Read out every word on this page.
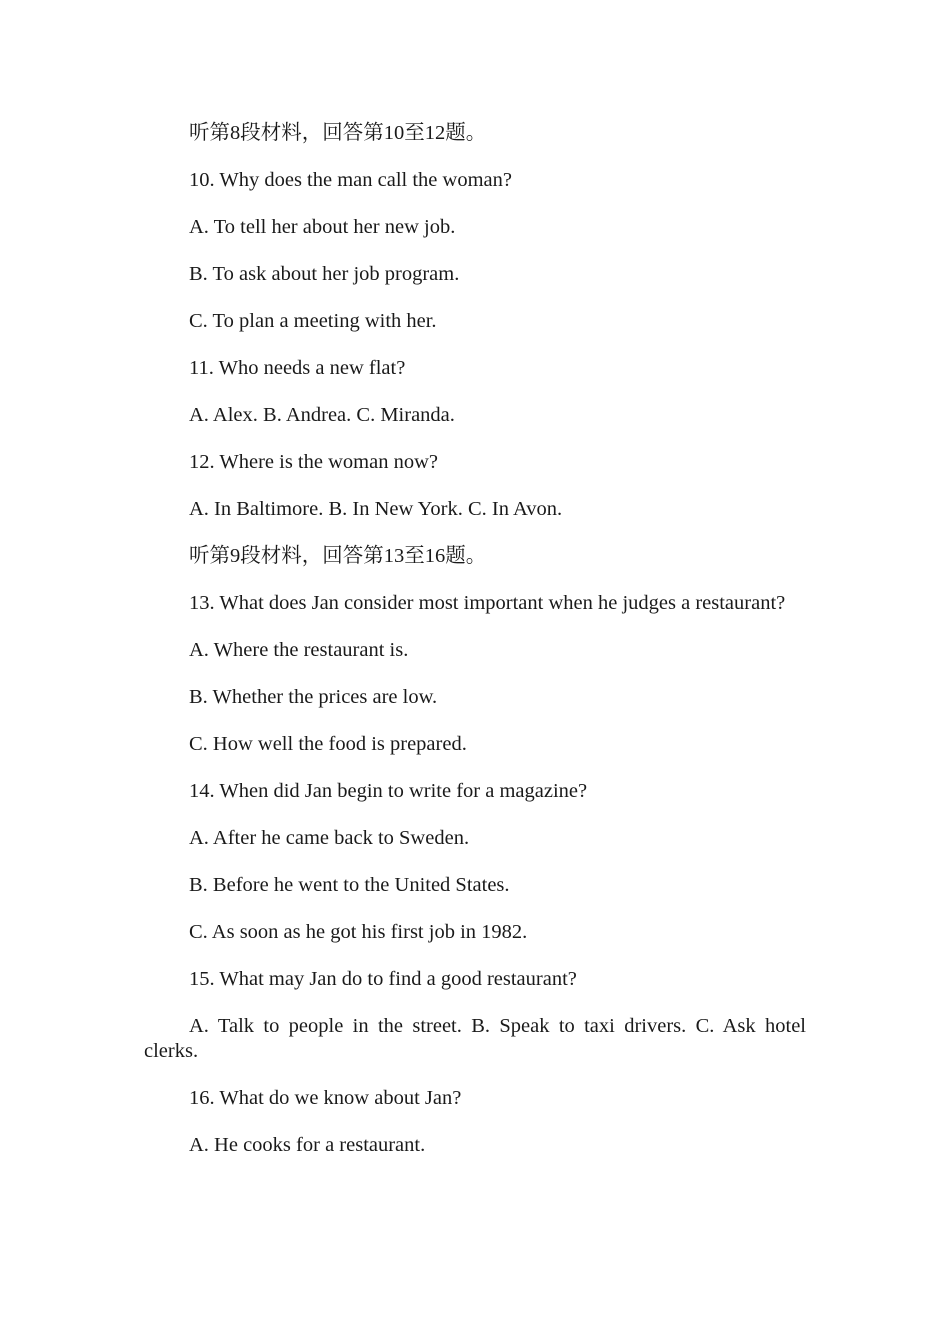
听第8段材料，回答第10至12题。

10. Why does the man call the woman?

A. To tell her about her new job.

B. To ask about her job program.

C. To plan a meeting with her.

11. Who needs a new flat?

A. Alex. B. Andrea. C. Miranda.

12. Where is the woman now?

A. In Baltimore. B. In New York. C. In Avon.

听第9段材料，回答第13至16题。

13. What does Jan consider most important when he judges a restaurant?

A. Where the restaurant is.

B. Whether the prices are low.

C. How well the food is prepared.

14. When did Jan begin to write for a magazine?

A. After he came back to Sweden.

B. Before he went to the United States.

C. As soon as he got his first job in 1982.

15. What may Jan do to find a good restaurant?

A. Talk to people in the street. B. Speak to taxi drivers. C. Ask hotel clerks.

16. What do we know about Jan?

A. He cooks for a restaurant.
